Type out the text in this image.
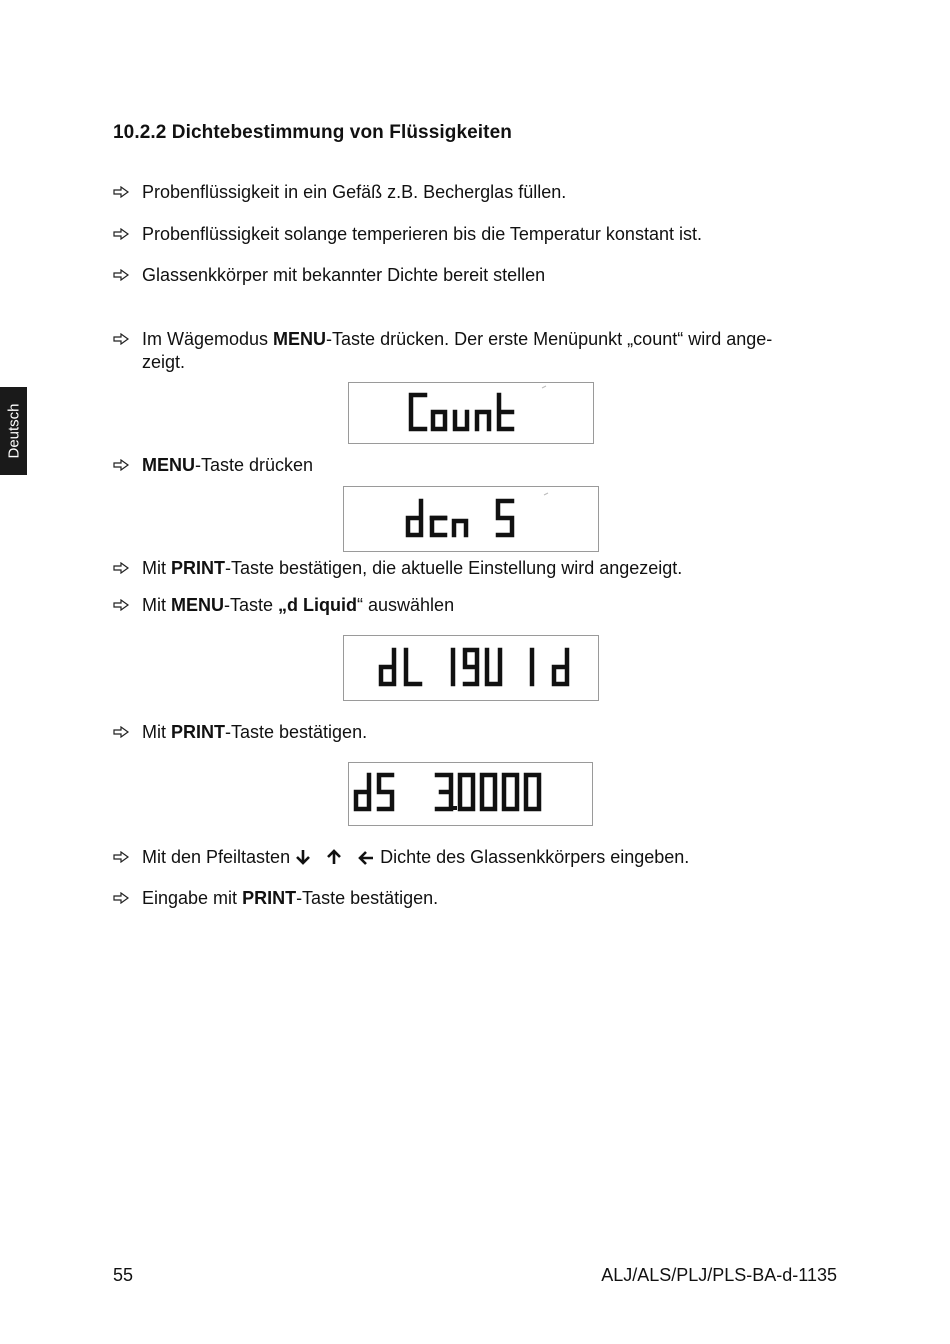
Deutsch
10.2.2 Dichtebestimmung von Flüssigkeiten
Probenflüssigkeit in ein Gefäß z.B. Becherglas füllen.
Probenflüssigkeit solange temperieren bis die Temperatur konstant ist.
Glassenkkörper mit bekannter Dichte bereit stellen
Im Wägemodus MENU-Taste drücken. Der erste Menüpunkt „count“ wird ange-
zeigt.
MENU-Taste drücken
Mit PRINT-Taste bestätigen, die aktuelle Einstellung wird angezeigt.
Mit MENU-Taste „d Liquid“ auswählen
Mit PRINT-Taste bestätigen.
Mit den Pfeiltasten	Dichte des Glassenkkörpers eingeben.
Eingabe mit PRINT-Taste bestätigen.
55	ALJ/ALS/PLJ/PLS-BA-d-1135
